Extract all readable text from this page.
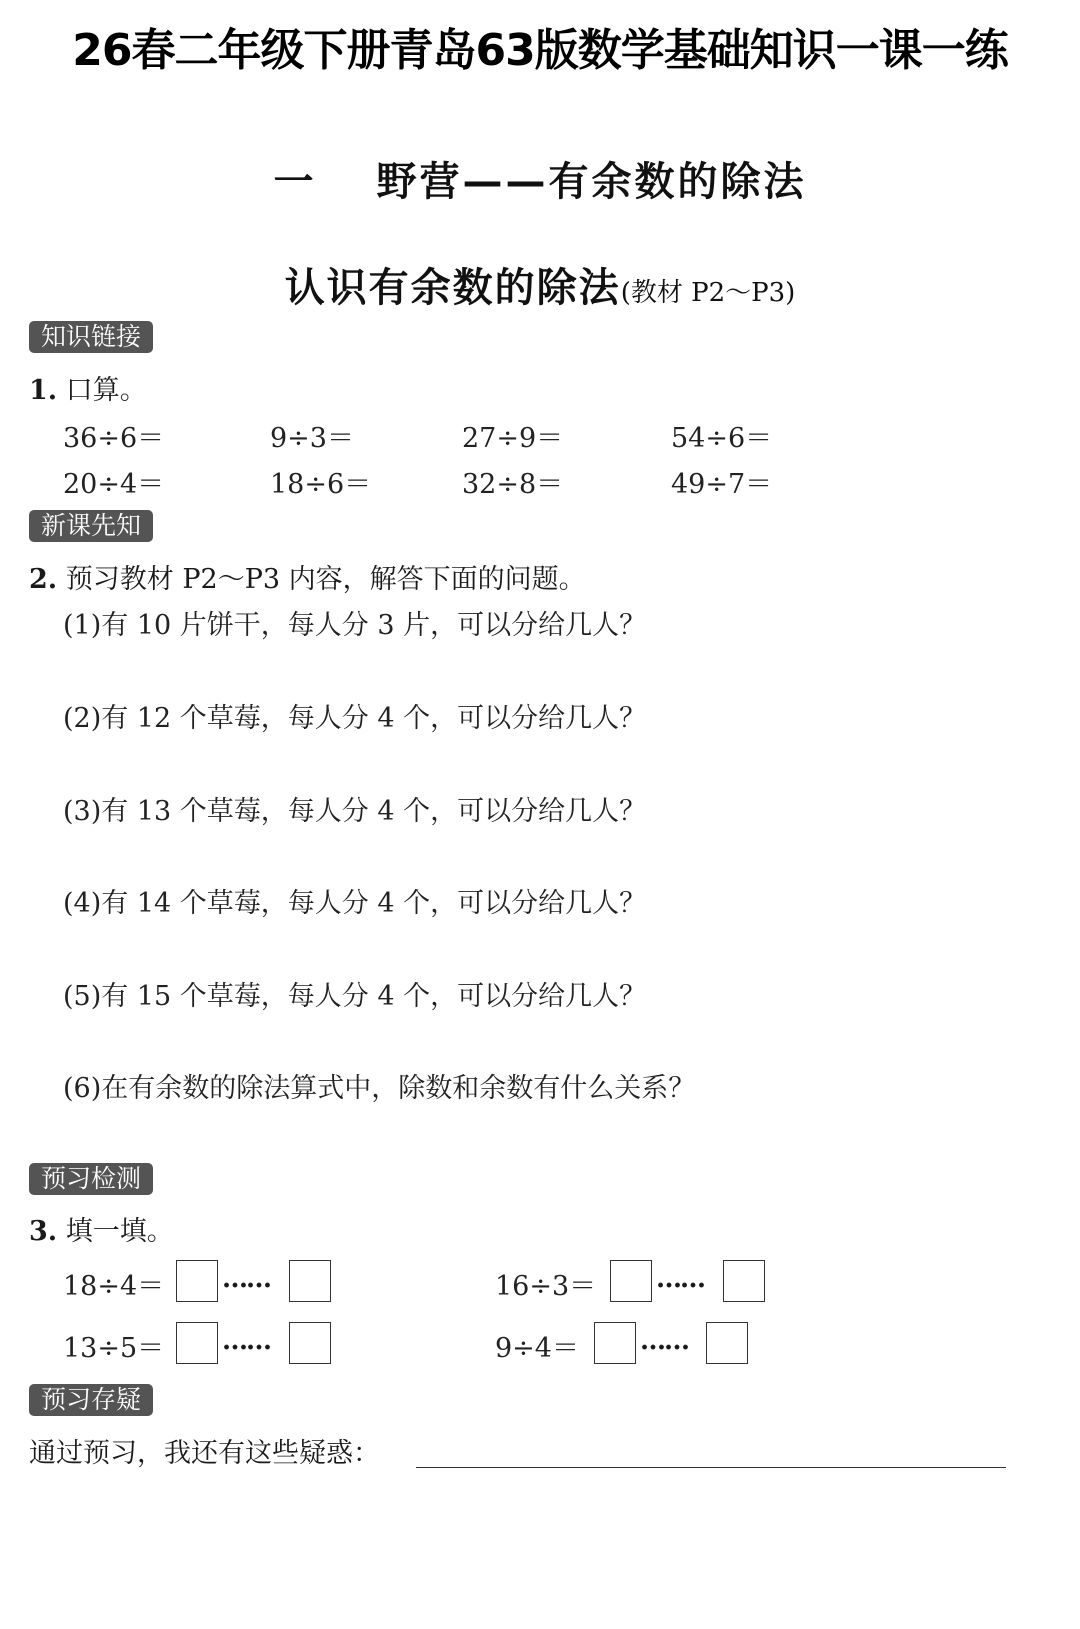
26春二年级下册青岛63版数学基础知识一课一练
一 野营——有余数的除法
认识有余数的除法(教材 P2～P3)
知识链接
1. 口算。
36÷6＝	9÷3＝	27÷9＝	54÷6＝
20÷4＝	18÷6＝	32÷8＝	49÷7＝
新课先知
2. 预习教材 P2～P3 内容，解答下面的问题。
(1)有 10 片饼干，每人分 3 片，可以分给几人？
(2)有 12 个草莓，每人分 4 个，可以分给几人？
(3)有 13 个草莓，每人分 4 个，可以分给几人？
(4)有 14 个草莓，每人分 4 个，可以分给几人？
(5)有 15 个草莓，每人分 4 个，可以分给几人？
(6)在有余数的除法算式中，除数和余数有什么关系？
预习检测
3. 填一填。
18÷4＝ ……	16÷3＝ ……
13÷5＝ ……	9÷4＝ ……
预习存疑
通过预习，我还有这些疑惑：
